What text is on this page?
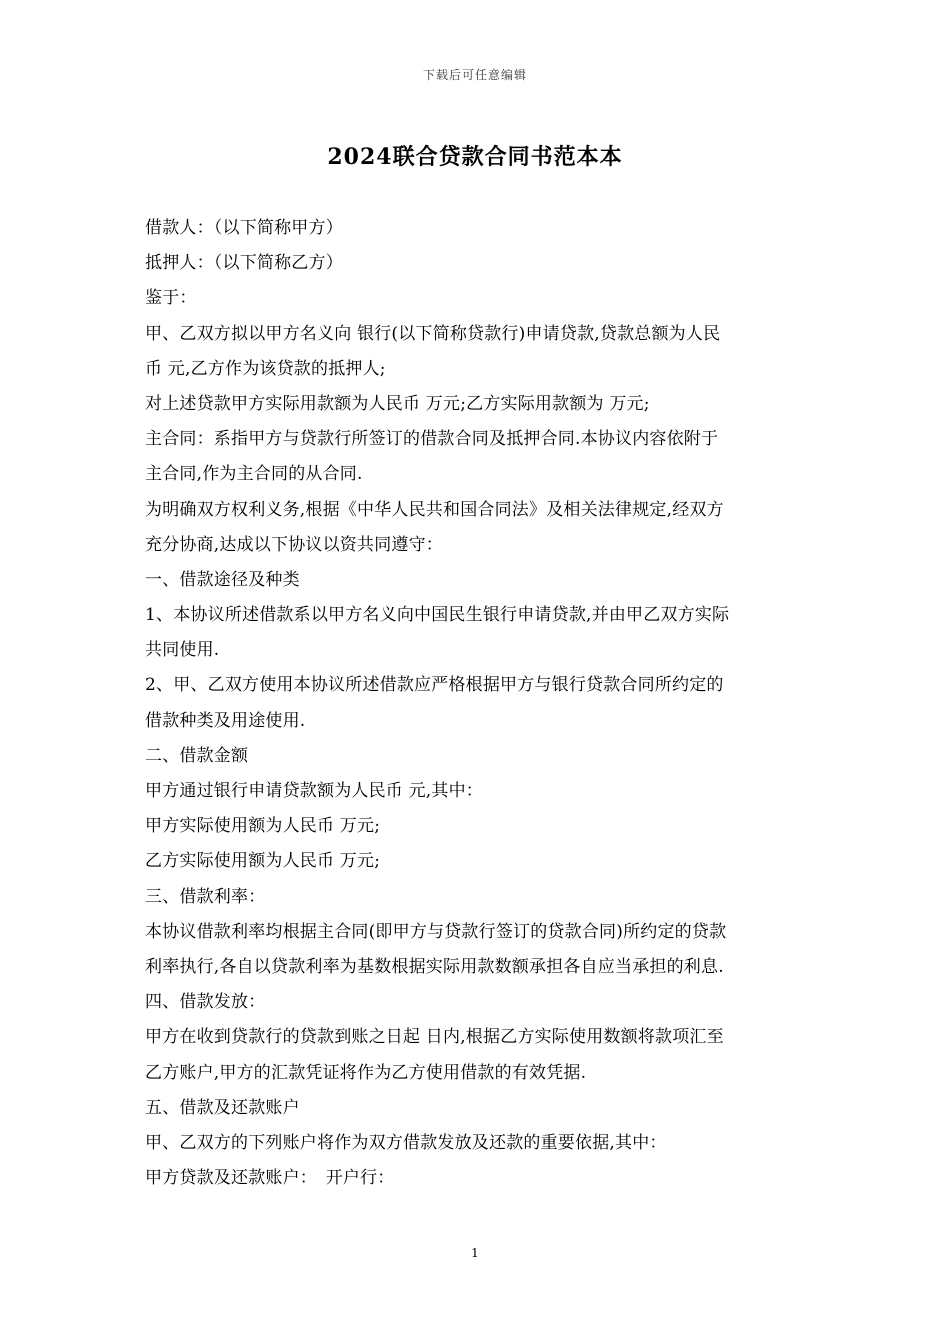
下载后可任意编辑
2024联合贷款合同书范本本
借款人：（以下简称甲方）
抵押人：（以下简称乙方）
鉴于：
甲、乙双方拟以甲方名义向 银行(以下简称贷款行)申请贷款,贷款总额为人民
币 元,乙方作为该贷款的抵押人;
对上述贷款甲方实际用款额为人民币 万元;乙方实际用款额为 万元;
主合同：系指甲方与贷款行所签订的借款合同及抵押合同.本协议内容依附于
主合同,作为主合同的从合同.
为明确双方权利义务,根据《中华人民共和国合同法》及相关法律规定,经双方
充分协商,达成以下协议以资共同遵守：
一、借款途径及种类
1、本协议所述借款系以甲方名义向中国民生银行申请贷款,并由甲乙双方实际
共同使用.
2、甲、乙双方使用本协议所述借款应严格根据甲方与银行贷款合同所约定的
借款种类及用途使用.
二、借款金额
甲方通过银行申请贷款额为人民币 元,其中：
甲方实际使用额为人民币 万元;
乙方实际使用额为人民币 万元;
三、借款利率：
本协议借款利率均根据主合同(即甲方与贷款行签订的贷款合同)所约定的贷款
利率执行,各自以贷款利率为基数根据实际用款数额承担各自应当承担的利息.
四、借款发放：
甲方在收到贷款行的贷款到账之日起 日内,根据乙方实际使用数额将款项汇至
乙方账户,甲方的汇款凭证将作为乙方使用借款的有效凭据.
五、借款及还款账户
甲、乙双方的下列账户将作为双方借款发放及还款的重要依据,其中：
甲方贷款及还款账户：　开户行：
1
